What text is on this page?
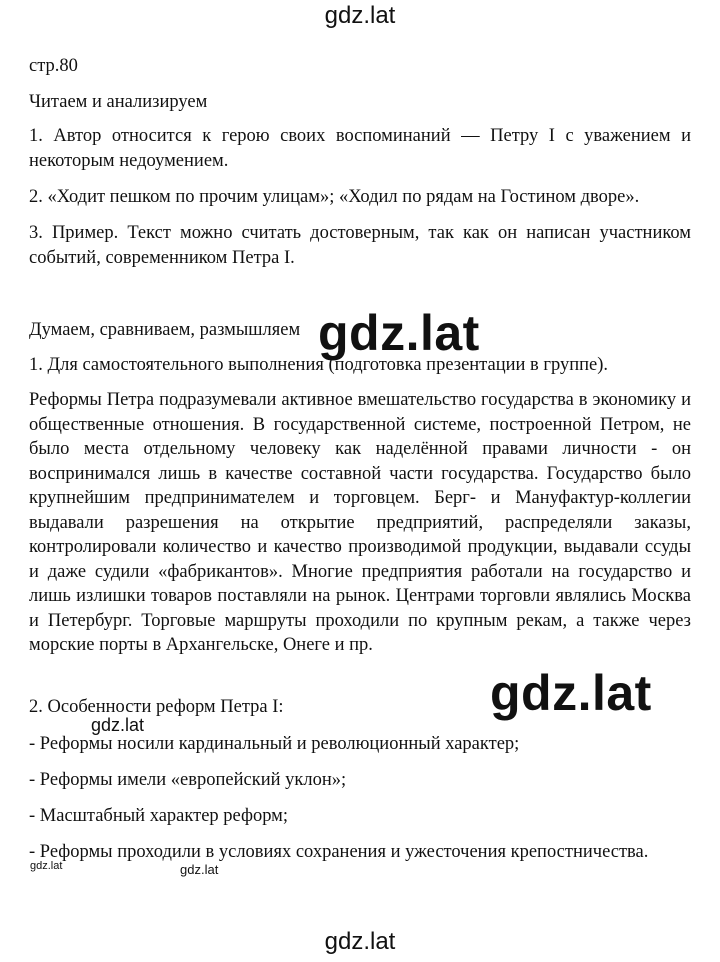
gdz.lat
стр.80
Читаем и анализируем
1. Автор относится к герою своих воспоминаний — Петру I с уважением и некоторым недоумением.
2. «Ходит пешком по прочим улицам»; «Ходил по рядам на Гостином дворе».
3. Пример. Текст можно считать достоверным, так как он написан участником событий, современником Петра I.
Думаем, сравниваем, размышляем
1. Для самостоятельного выполнения (подготовка презентации в группе).
Реформы Петра подразумевали активное вмешательство государства в экономику и общественные отношения. В государственной системе, построенной Петром, не было места отдельному человеку как наделённой правами личности - он воспринимался лишь в качестве составной части государства. Государство было крупнейшим предпринимателем и торговцем. Берг- и Мануфактур-коллегии выдавали разрешения на открытие предприятий, распределяли заказы, контролировали количество и качество производимой продукции, выдавали ссуды и даже судили «фабрикантов». Многие предприятия работали на государство и лишь излишки товаров поставляли на рынок. Центрами торговли являлись Москва и Петербург. Торговые маршруты проходили по крупным рекам, а также через морские порты в Архангельске, Онеге и пр.
2. Особенности реформ Петра I:
- Реформы носили кардинальный и революционный характер;
- Реформы имели «европейский уклон»;
- Масштабный характер реформ;
- Реформы проходили в условиях сохранения и ужесточения крепостничества.
gdz.lat
gdz.lat
gdz.lat
gdz.lat	gdz.lat
gdz.lat
